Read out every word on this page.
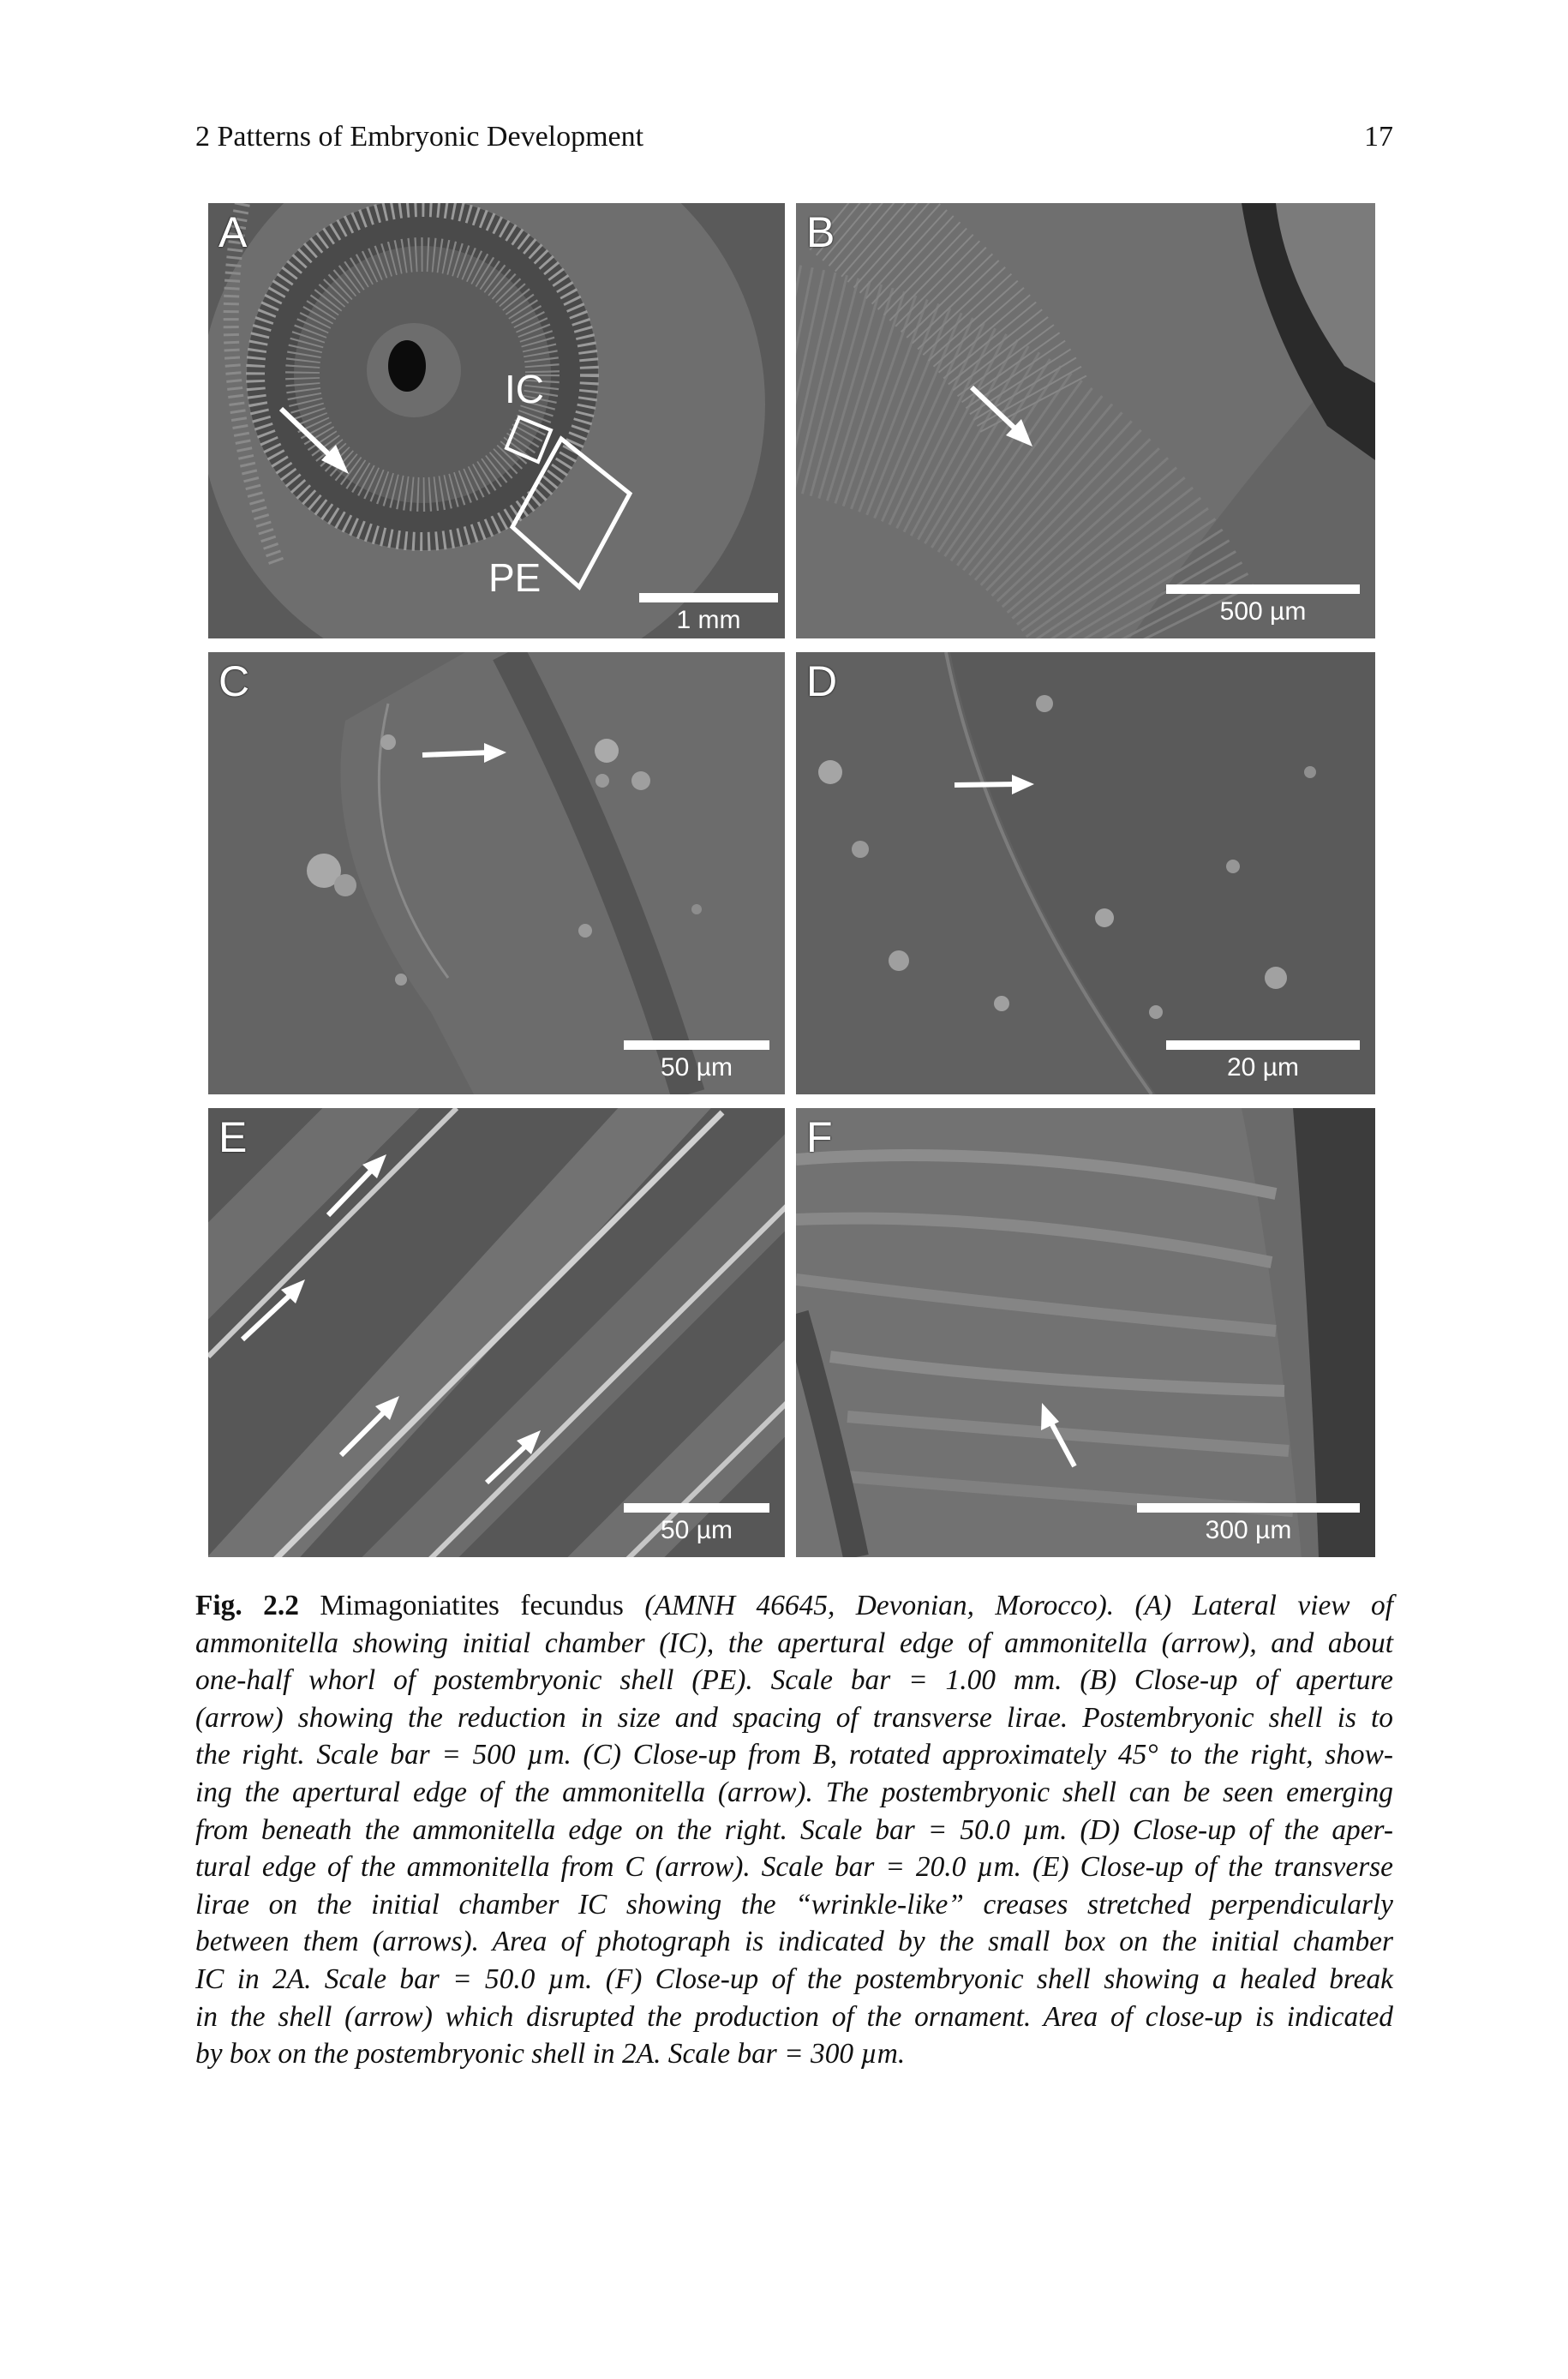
2 Patterns of Embryonic Development	17
A
IC
PE
1 mm
B
500 µm
C
50 µm
D
20 µm
E
50 µm
F
300 µm
Fig. 2.2 Mimagoniatites fecundus (AMNH 46645, Devonian, Morocco). (A) Lateral view of
ammonitella showing initial chamber (IC), the apertural edge of ammonitella (arrow), and about
one-half whorl of postembryonic shell (PE). Scale bar = 1.00 mm. (B) Close-up of aperture
(arrow) showing the reduction in size and spacing of transverse lirae. Postembryonic shell is to
the right. Scale bar = 500 µm. (C) Close-up from B, rotated approximately 45° to the right, show-
ing the apertural edge of the ammonitella (arrow). The postembryonic shell can be seen emerging
from beneath the ammonitella edge on the right. Scale bar = 50.0 µm. (D) Close-up of the aper-
tural edge of the ammonitella from C (arrow). Scale bar = 20.0 µm. (E) Close-up of the transverse
lirae on the initial chamber IC showing the “wrinkle-like” creases stretched perpendicularly
between them (arrows). Area of photograph is indicated by the small box on the initial chamber
IC in 2A. Scale bar = 50.0 µm. (F) Close-up of the postembryonic shell showing a healed break
in the shell (arrow) which disrupted the production of the ornament. Area of close-up is indicated
by box on the postembryonic shell in 2A. Scale bar = 300 µm.
